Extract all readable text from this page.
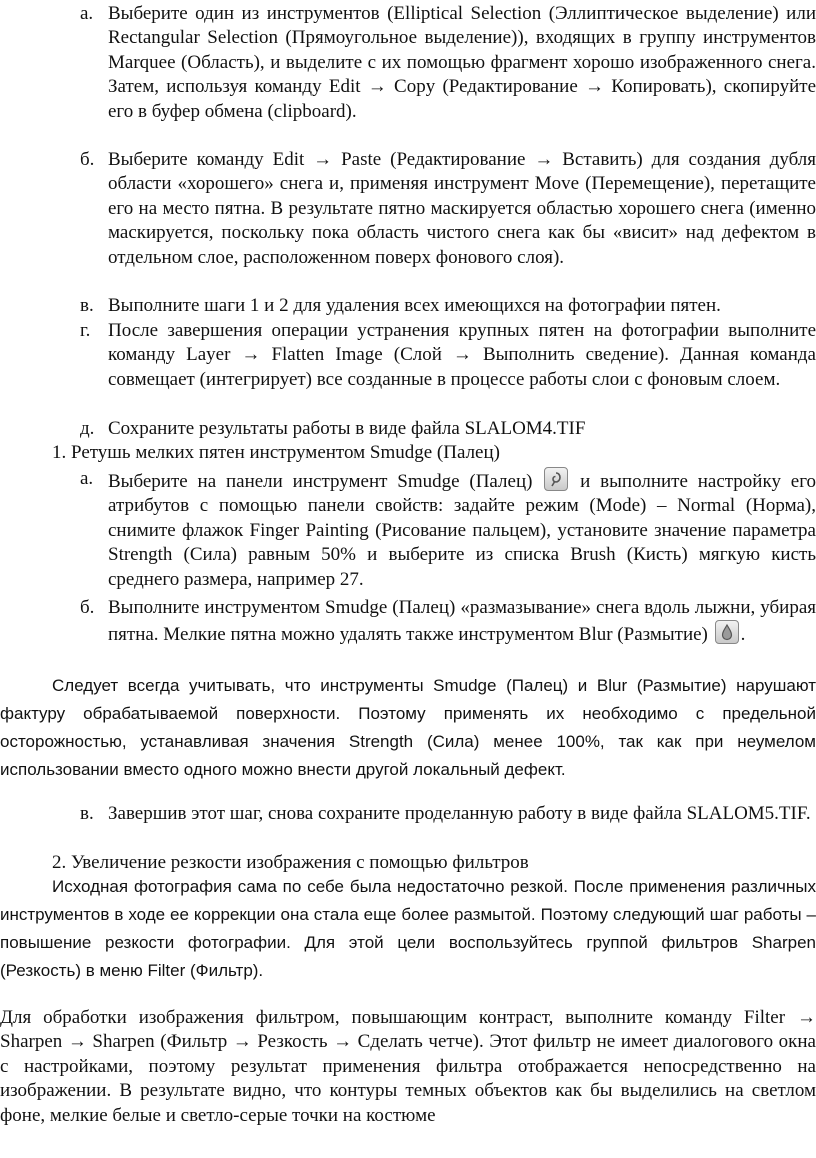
а. Выберите один из инструментов (Elliptical Selection (Эллиптическое выделение) или Rectangular Selection (Прямоугольное выделение)), входящих в группу инструментов Marquee (Область), и выделите с их помощью фрагмент хорошо изображенного снега. Затем, используя команду Edit → Copy (Редактирование → Копировать), скопируйте его в буфер обмена (clipboard).
б. Выберите команду Edit → Paste (Редактирование → Вставить) для создания дубля области «хорошего» снега и, применяя инструмент Move (Перемещение), перетащите его на место пятна. В результате пятно маскируется областью хорошего снега (именно маскируется, поскольку пока область чистого снега как бы «висит» над дефектом в отдельном слое, расположенном поверх фонового слоя).
в. Выполните шаги 1 и 2 для удаления всех имеющихся на фотографии пятен.
г. После завершения операции устранения крупных пятен на фотографии выполните команду Layer → Flatten Image (Слой → Выполнить сведение). Данная команда совмещает (интегрирует) все созданные в процессе работы слои с фоновым слоем.
д. Сохраните результаты работы в виде файла SLALOM4.TIF
1. Ретушь мелких пятен инструментом Smudge (Палец)
а. Выберите на панели инструмент Smudge (Палец)	и выполните настройку его атрибутов с помощью панели свойств: задайте режим (Mode) – Normal (Норма), снимите флажок Finger Painting (Рисование пальцем), установите значение параметра Strength (Сила) равным 50% и выберите из списка Brush (Кисть) мягкую кисть среднего размера, например 27.
б. Выполните инструментом Smudge (Палец) «размазывание» снега вдоль лыжни, убирая пятна. Мелкие пятна можно удалять также инструментом Blur (Размытие) .
Следует всегда учитывать, что инструменты Smudge (Палец) и Blur (Размытие) нарушают фактуру обрабатываемой поверхности. Поэтому применять их необходимо с предельной осторожностью, устанавливая значения Strength (Сила) менее 100%, так как при неумелом использовании вместо одного можно внести другой локальный дефект.
в. Завершив этот шаг, снова сохраните проделанную работу в виде файла SLALOM5.TIF.
2. Увеличение резкости изображения с помощью фильтров
Исходная фотография сама по себе была недостаточно резкой. После применения различных инструментов в ходе ее коррекции она стала еще более размытой. Поэтому следующий шаг работы – повышение резкости фотографии. Для этой цели воспользуйтесь группой фильтров Sharpen (Резкость) в меню Filter (Фильтр).
Для обработки изображения фильтром, повышающим контраст, выполните команду Filter → Sharpen → Sharpen (Фильтр → Резкость → Сделать четче). Этот фильтр не имеет диалогового окна с настройками, поэтому результат применения фильтра отображается непосредственно на изображении. В результате видно, что контуры темных объектов как бы выделились на светлом фоне, мелкие белые и светло-серые точки на костюме
